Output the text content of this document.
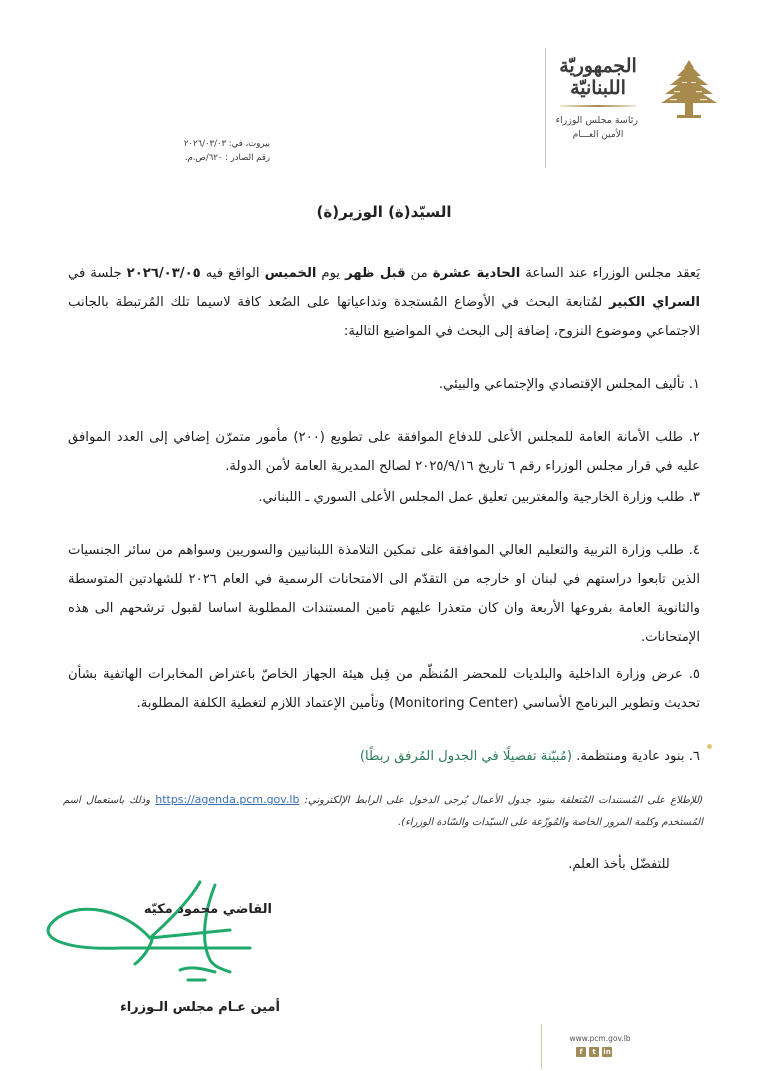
الجمهوريّة
اللبنانيّة
رئاسة مجلس الوزراء
الأمين العـــام
بيروت، في: ٢٠٢٦/٠٣/٠٣
رقم الصادر : ٦٢٠/ص.م.
السيّد(ة) الوزير(ة)
يَعقد مجلس الوزراء عند الساعة الحادية عشرة من قبل ظهر يوم الخميس الواقع فيه ٢٠٢٦/٠٣/٠٥ جلسة في السراي الكبير لمُتابعة البحث في الأوضاع المُستجدة وتداعياتها على الصُعد كافة لاسيما تلك المُرتبطة بالجانب الاجتماعي وموضوع النزوح، إضافة إلى البحث في المواضيع التالية:
١. تأليف المجلس الإقتصادي والإجتماعي والبيئي.
٢. طلب الأمانة العامة للمجلس الأعلى للدفاع الموافقة على تطويع (٢٠٠) مأمور متمرّن إضافي إلى العدد الموافق عليه في قرار مجلس الوزراء رقم ٦ تاريخ ٢٠٢٥/٩/١٦ لصالح المديرية العامة لأمن الدولة.
٣. طلب وزارة الخارجية والمغتربين تعليق عمل المجلس الأعلى السوري ـ اللبناني.
٤. طلب وزارة التربية والتعليم العالي الموافقة على تمكين التلامذة اللبنانيين والسوريين وسواهم من سائر الجنسيات الذين تابعوا دراستهم في لبنان او خارجه من التقدّم الى الامتحانات الرسمية في العام ٢٠٢٦ للشهادتين المتوسطة والثانوية العامة بفروعها الأربعة وان كان متعذرا عليهم تامين المستندات المطلوبة اساسا لقبول ترشحهم الى هذه الإمتحانات.
٥. عرض وزارة الداخلية والبلديات للمحضر المُنظّم من قِبل هيئة الجهاز الخاصّ باعتراض المخابرات الهاتفية بشأن تحديث وتطوير البرنامج الأساسي (Monitoring Center) وتأمين الإعتماد اللازم لتغطية الكلفة المطلوبة.
٦. بنود عادية ومنتظمة. (مُبيّنة تفصيلًا في الجدول المُرفق ربطًا)
(للإطلاع على المُستندات المُتعلقة ببنود جدول الأعمال يُرجى الدخول على الرابط الإلكتروني: https://agenda.pcm.gov.lb وذلك باستعمال اسم المُستخدم وكلمة المرور الخاصة والمُوزّعة على السيّدات والسّادة الوزراء).
للتفضّل بأخذ العلم.
القاضي محمود مكيّه
أمين عـام مجلس الـوزراء
www.pcm.gov.lb
f	t	in
